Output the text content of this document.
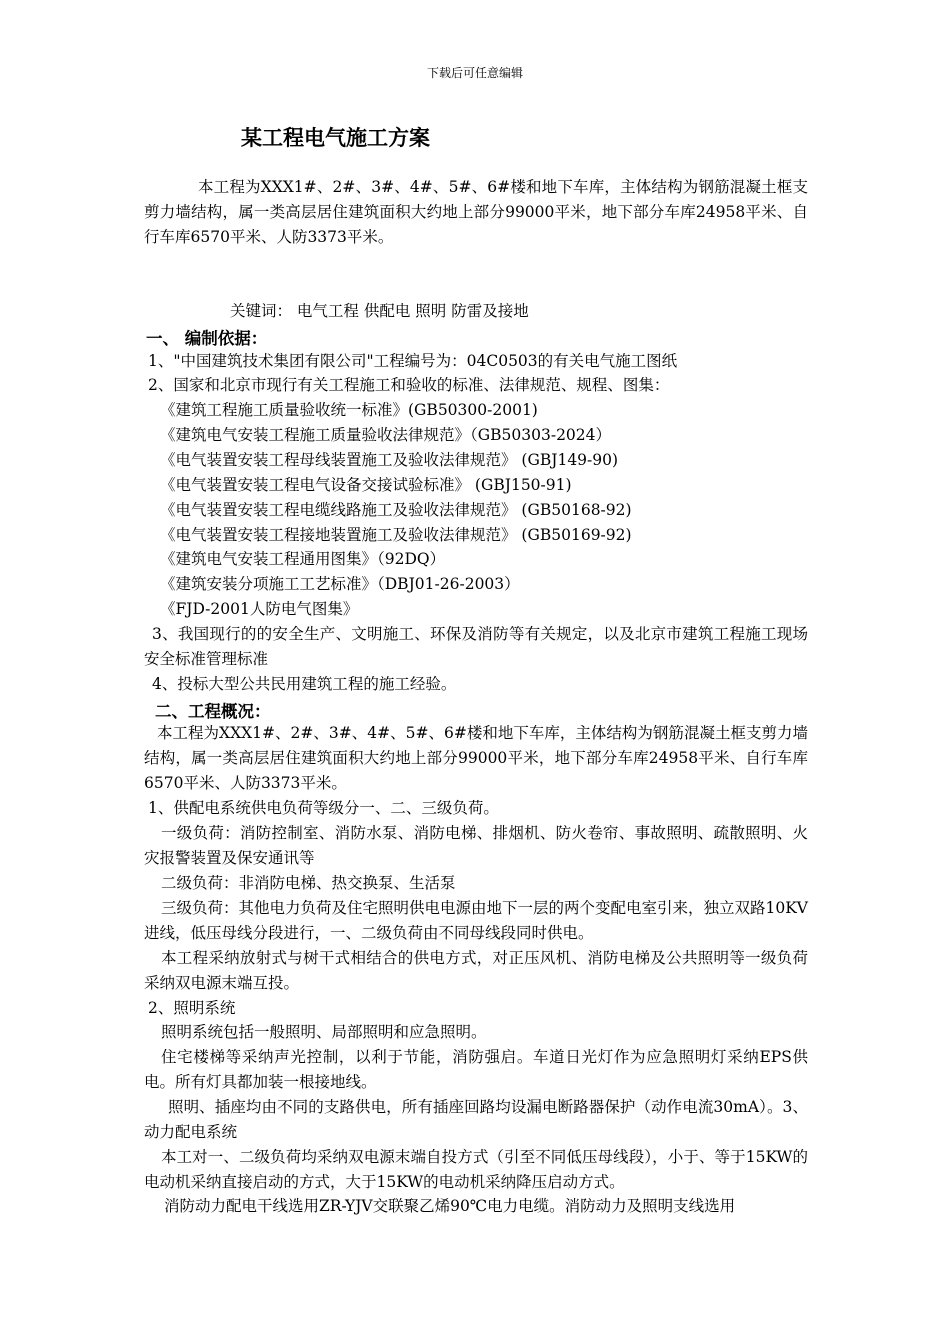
下载后可任意编辑
某工程电气施工方案
本工程为XXX1#、2#、3#、4#、5#、6#楼和地下车库，主体结构为钢筋混凝土框支剪力墙结构，属一类高层居住建筑面积大约地上部分99000平米，地下部分车库24958平米、自行车库6570平米、人防3373平米。
关键词： 电气工程 供配电 照明 防雷及接地
一、 编制依据：
1、"中国建筑技术集团有限公司"工程编号为：04C0503的有关电气施工图纸
2、国家和北京市现行有关工程施工和验收的标准、法律规范、规程、图集：
《建筑工程施工质量验收统一标准》(GB50300-2001)
《建筑电气安装工程施工质量验收法律规范》（GB50303-2024）
《电气装置安装工程母线装置施工及验收法律规范》 (GBJ149-90)
《电气装置安装工程电气设备交接试验标准》 (GBJ150-91)
《电气装置安装工程电缆线路施工及验收法律规范》 (GB50168-92)
《电气装置安装工程接地装置施工及验收法律规范》 (GB50169-92)
《建筑电气安装工程通用图集》（92DQ）
《建筑安装分项施工工艺标准》（DBJ01-26-2003）
《FJD-2001人防电气图集》
3、我国现行的的安全生产、文明施工、环保及消防等有关规定，以及北京市建筑工程施工现场安全标准管理标准
4、投标大型公共民用建筑工程的施工经验。
二、工程概况：
本工程为XXX1#、2#、3#、4#、5#、6#楼和地下车库，主体结构为钢筋混凝土框支剪力墙结构，属一类高层居住建筑面积大约地上部分99000平米，地下部分车库24958平米、自行车库6570平米、人防3373平米。
1、供配电系统供电负荷等级分一、二、三级负荷。
一级负荷：消防控制室、消防水泵、消防电梯、排烟机、防火卷帘、事故照明、疏散照明、火灾报警装置及保安通讯等
二级负荷：非消防电梯、热交换泵、生活泵
三级负荷：其他电力负荷及住宅照明供电电源由地下一层的两个变配电室引来，独立双路10KV进线，低压母线分段进行，一、二级负荷由不同母线段同时供电。
本工程采纳放射式与树干式相结合的供电方式，对正压风机、消防电梯及公共照明等一级负荷采纳双电源末端互投。
2、照明系统
照明系统包括一般照明、局部照明和应急照明。
住宅楼梯等采纳声光控制，以利于节能，消防强启。车道日光灯作为应急照明灯采纳EPS供电。所有灯具都加装一根接地线。
照明、插座均由不同的支路供电，所有插座回路均设漏电断路器保护（动作电流30mA）。3、动力配电系统
本工对一、二级负荷均采纳双电源末端自投方式（引至不同低压母线段），小于、等于15KW的电动机采纳直接启动的方式，大于15KW的电动机采纳降压启动方式。
消防动力配电干线选用ZR-YJV交联聚乙烯90℃电力电缆。消防动力及照明支线选用
